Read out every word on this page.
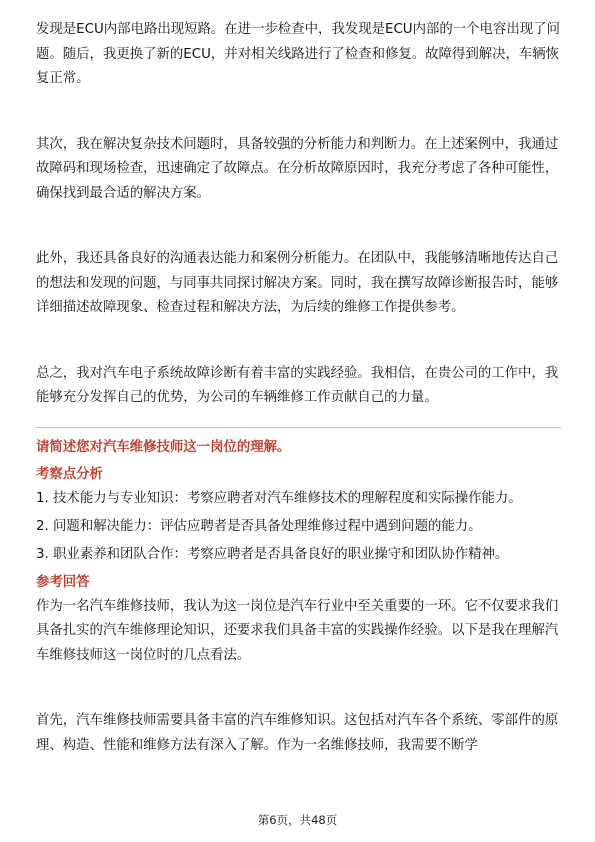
发现是ECU内部电路出现短路。在进一步检查中，我发现是ECU内部的一个电容出现了问题。随后，我更换了新的ECU，并对相关线路进行了检查和修复。故障得到解决，车辆恢复正常。

其次，我在解决复杂技术问题时，具备较强的分析能力和判断力。在上述案例中，我通过故障码和现场检查，迅速确定了故障点。在分析故障原因时，我充分考虑了各种可能性，确保找到最合适的解决方案。

此外，我还具备良好的沟通表达能力和案例分析能力。在团队中，我能够清晰地传达自己的想法和发现的问题，与同事共同探讨解决方案。同时，我在撰写故障诊断报告时，能够详细描述故障现象、检查过程和解决方法，为后续的维修工作提供参考。

总之，我对汽车电子系统故障诊断有着丰富的实践经验。我相信，在贵公司的工作中，我能够充分发挥自己的优势，为公司的车辆维修工作贡献自己的力量。

请简述您对汽车维修技师这一岗位的理解。
考察点分析
1. 技术能力与专业知识：考察应聘者对汽车维修技术的理解程度和实际操作能力。
2. 问题和解决能力：评估应聘者是否具备处理维修过程中遇到问题的能力。
3. 职业素养和团队合作：考察应聘者是否具备良好的职业操守和团队协作精神。
参考回答

作为一名汽车维修技师，我认为这一岗位是汽车行业中至关重要的一环。它不仅要求我们具备扎实的汽车维修理论知识，还要求我们具备丰富的实践操作经验。以下是我在理解汽车维修技师这一岗位时的几点看法。

首先，汽车维修技师需要具备丰富的汽车维修知识。这包括对汽车各个系统、零部件的原理、构造、性能和维修方法有深入了解。作为一名维修技师，我需要不断学

第6页，共48页
